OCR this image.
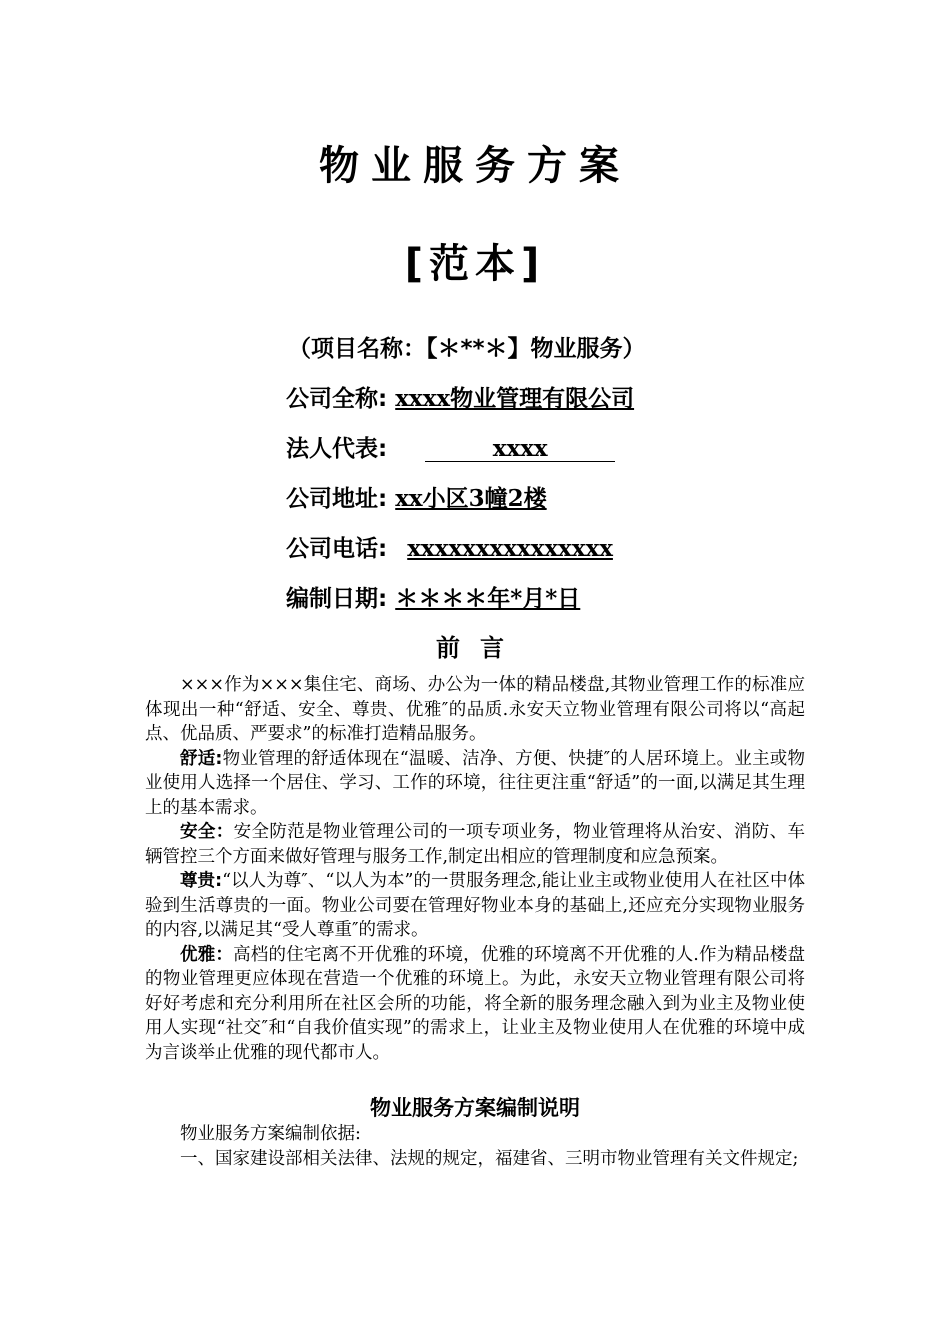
物业服务方案
[范本]
（项目名称：【＊**＊】物业服务）
公司全称: xxxx物业管理有限公司
法人代表:	xxxx
公司地址: xx小区3幢2楼
公司电话: xxxxxxxxxxxxxxx
编制日期: ＊＊＊＊年*月*日
前言

×××作为×××集住宅、商场、办公为一体的精品楼盘,其物业管理工作的标准应体现出一种“舒适、安全、尊贵、优雅″的品质.永安天立物业管理有限公司将以“高起点、优品质、严要求”的标准打造精品服务。

舒适:物业管理的舒适体现在“温暖、洁净、方便、快捷″的人居环境上。业主或物业使用人选择一个居住、学习、工作的环境，往往更注重“舒适”的一面,以满足其生理上的基本需求。

安全：安全防范是物业管理公司的一项专项业务，物业管理将从治安、消防、车辆管控三个方面来做好管理与服务工作,制定出相应的管理制度和应急预案。

尊贵:“以人为尊″、“以人为本”的一贯服务理念,能让业主或物业使用人在社区中体验到生活尊贵的一面。物业公司要在管理好物业本身的基础上,还应充分实现物业服务的内容,以满足其“受人尊重″的需求。

优雅：高档的住宅离不开优雅的环境，优雅的环境离不开优雅的人.作为精品楼盘的物业管理更应体现在营造一个优雅的环境上。为此，永安天立物业管理有限公司将好好考虑和充分利用所在社区会所的功能，将全新的服务理念融入到为业主及物业使用人实现“社交″和“自我价值实现”的需求上，让业主及物业使用人在优雅的环境中成为言谈举止优雅的现代都市人。

物业服务方案编制说明

物业服务方案编制依据:

一、国家建设部相关法律、法规的规定，福建省、三明市物业管理有关文件规定;
